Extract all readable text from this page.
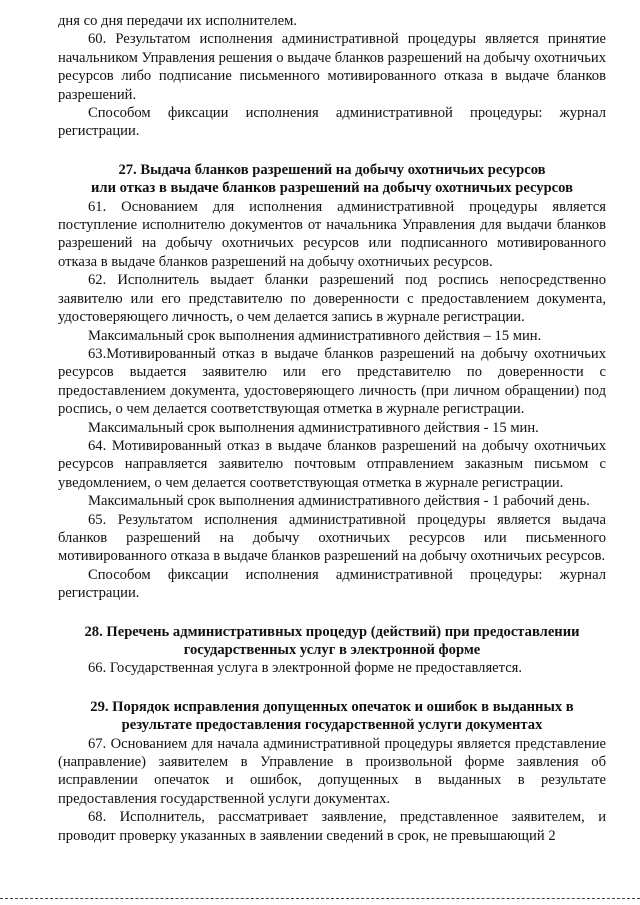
дня со дня передачи их исполнителем.

60. Результатом исполнения административной процедуры является принятие начальником Управления решения о выдаче бланков разрешений на добычу охотничьих ресурсов либо подписание письменного мотивированного отказа в выдаче бланков разрешений.

Способом фиксации исполнения административной процедуры: журнал регистрации.

27. Выдача бланков разрешений на добычу охотничьих ресурсов
или отказ в выдаче бланков разрешений на добычу охотничьих ресурсов

61. Основанием для исполнения административной процедуры является поступление исполнителю документов от начальника Управления для выдачи бланков разрешений на добычу охотничьих ресурсов или подписанного мотивированного отказа в выдаче бланков разрешений на добычу охотничьих ресурсов.

62. Исполнитель выдает бланки разрешений под роспись непосредственно заявителю или его представителю по доверенности с предоставлением документа, удостоверяющего личность, о чем делается запись в журнале регистрации.

Максимальный срок выполнения административного действия – 15 мин.

63.Мотивированный отказ в выдаче бланков разрешений на добычу охотничьих ресурсов выдается заявителю или его представителю по доверенности с предоставлением документа, удостоверяющего личность (при личном обращении) под роспись, о чем делается соответствующая отметка в журнале регистрации.

Максимальный срок выполнения административного действия - 15 мин.

64. Мотивированный отказ в выдаче бланков разрешений на добычу охотничьих ресурсов направляется заявителю почтовым отправлением заказным письмом с уведомлением, о чем делается соответствующая отметка в журнале регистрации.

Максимальный срок выполнения административного действия - 1 рабочий день.

65. Результатом исполнения административной процедуры является выдача бланков разрешений на добычу охотничьих ресурсов или письменного мотивированного отказа в выдаче бланков разрешений на добычу охотничьих ресурсов.

Способом фиксации исполнения административной процедуры: журнал регистрации.

28. Перечень административных процедур (действий) при предоставлении
государственных услуг в электронной форме

66. Государственная услуга в электронной форме не предоставляется.

29. Порядок исправления допущенных опечаток и ошибок в выданных в
результате предоставления государственной услуги документах

67. Основанием для начала административной процедуры является представление (направление) заявителем в Управление в произвольной форме заявления об исправлении опечаток и ошибок, допущенных в выданных в результате предоставления государственной услуги документах.

68. Исполнитель, рассматривает заявление, представленное заявителем, и проводит проверку указанных в заявлении сведений в срок, не превышающий 2
